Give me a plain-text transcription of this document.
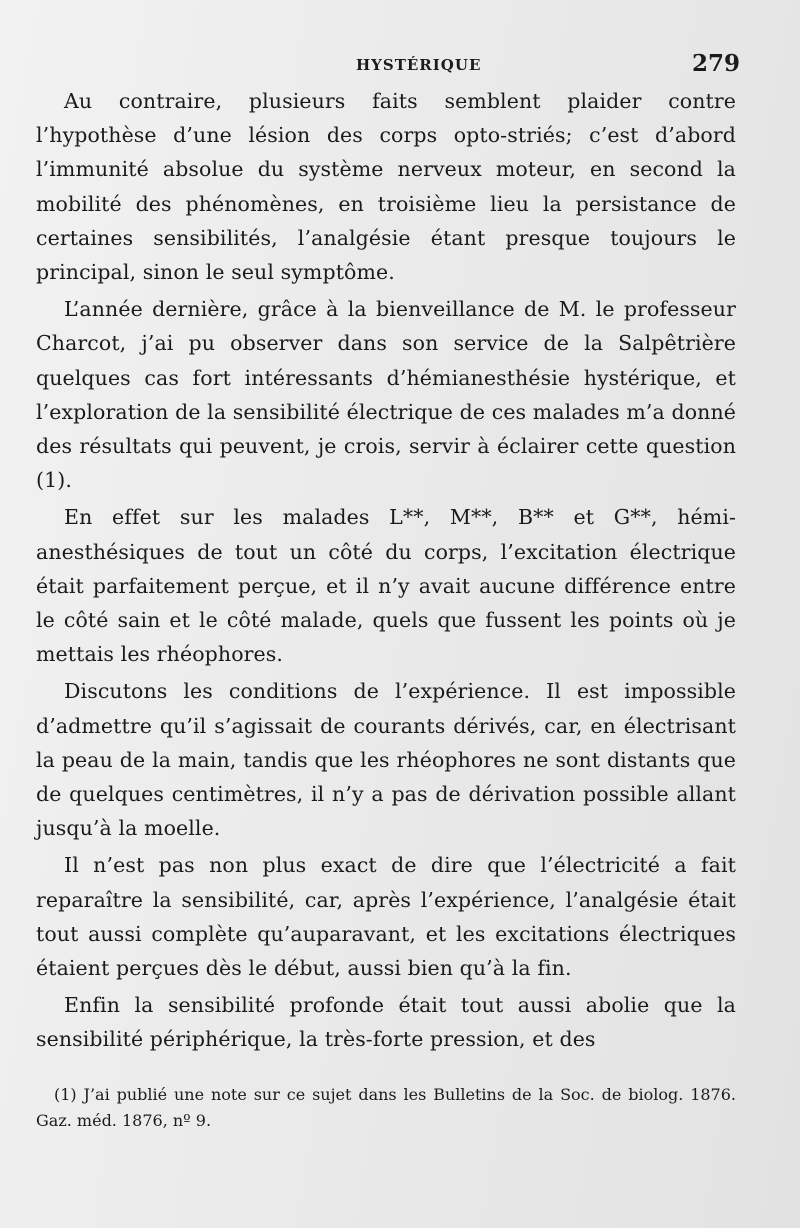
HYSTÉRIQUE	279

Au contraire, plusieurs faits semblent plaider contre l’hypothèse d’une lésion des corps opto-striés; c’est d’abord l’immunité absolue du système nerveux moteur, en second la mobilité des phénomènes, en troisième lieu la persistance de certaines sensibilités, l’analgésie étant presque toujours le principal, sinon le seul symptôme.

L’année dernière, grâce à la bienveillance de M. le professeur Charcot, j’ai pu observer dans son service de la Salpêtrière quelques cas fort intéressants d’hémianesthésie hystérique, et l’exploration de la sensibilité électrique de ces malades m’a donné des résultats qui peuvent, je crois, servir à éclairer cette question (1).

En effet sur les malades L**, M**, B** et G**, hémi-anesthésiques de tout un côté du corps, l’excitation électrique était parfaitement perçue, et il n’y avait aucune différence entre le côté sain et le côté malade, quels que fussent les points où je mettais les rhéophores.

Discutons les conditions de l’expérience. Il est impossible d’admettre qu’il s’agissait de courants dérivés, car, en électrisant la peau de la main, tandis que les rhéophores ne sont distants que de quelques centimètres, il n’y a pas de dérivation possible allant jusqu’à la moelle.

Il n’est pas non plus exact de dire que l’électricité a fait reparaître la sensibilité, car, après l’expérience, l’analgésie était tout aussi complète qu’auparavant, et les excitations électriques étaient perçues dès le début, aussi bien qu’à la fin.

Enfin la sensibilité profonde était tout aussi abolie que la sensibilité périphérique, la très-forte pression, et des

(1) J’ai publié une note sur ce sujet dans les Bulletins de la Soc. de biolog. 1876. Gaz. méd. 1876, nº 9.
